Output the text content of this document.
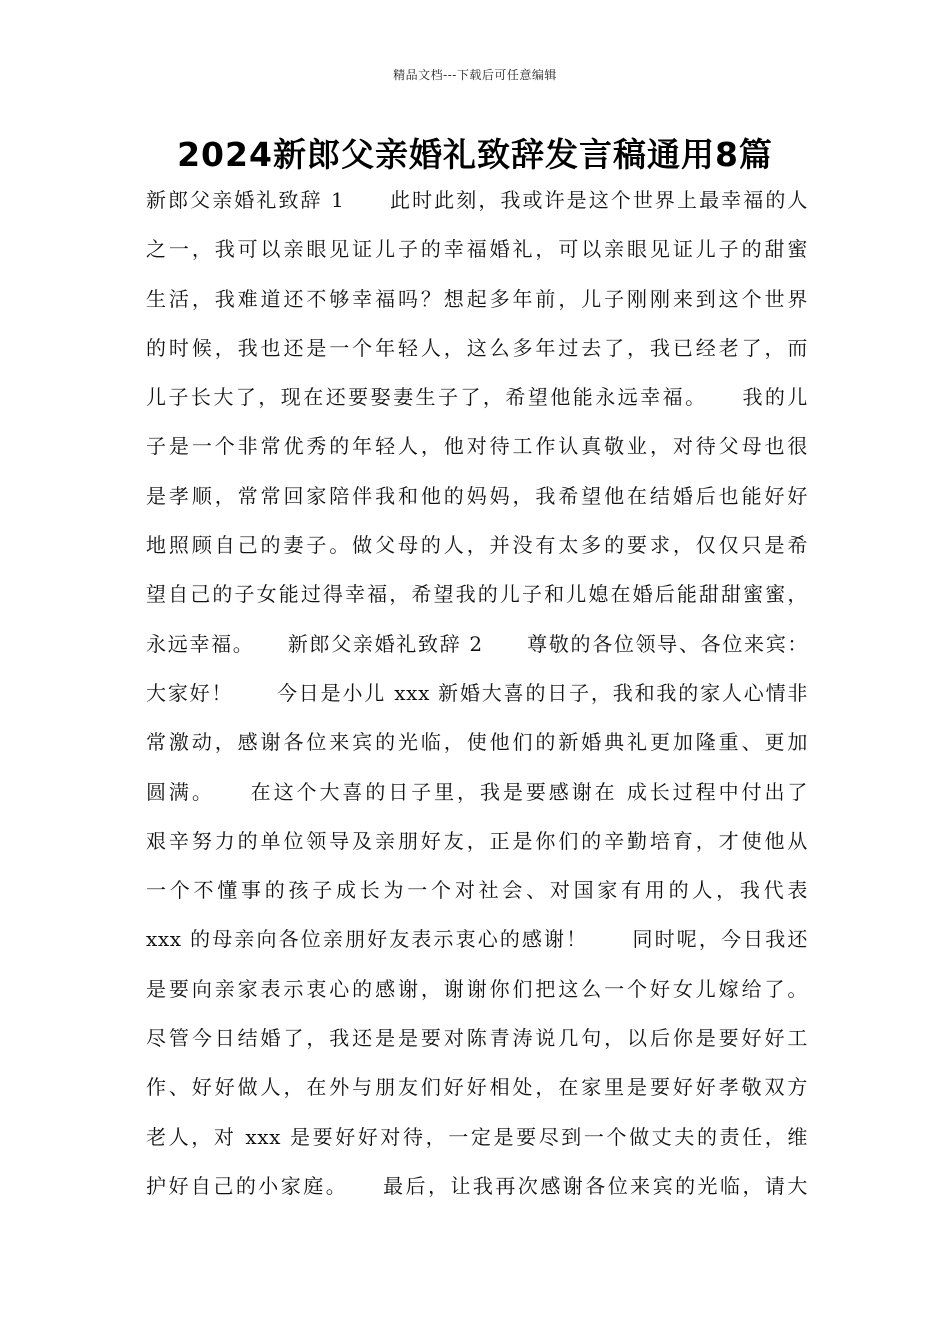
精品文档---下载后可任意编辑
2024新郎父亲婚礼致辞发言稿通用8篇
新郎父亲婚礼致辞 1　　此时此刻，我或许是这个世界上最幸福的人
之一，我可以亲眼见证儿子的幸福婚礼，可以亲眼见证儿子的甜蜜
生活，我难道还不够幸福吗？想起多年前，儿子刚刚来到这个世界
的时候，我也还是一个年轻人，这么多年过去了，我已经老了，而
儿子长大了，现在还要娶妻生子了，希望他能永远幸福。　　我的儿
子是一个非常优秀的年轻人，他对待工作认真敬业，对待父母也很
是孝顺，常常回家陪伴我和他的妈妈，我希望他在结婚后也能好好
地照顾自己的妻子。做父母的人，并没有太多的要求，仅仅只是希
望自己的子女能过得幸福，希望我的儿子和儿媳在婚后能甜甜蜜蜜，
永远幸福。　　新郎父亲婚礼致辞 2　　尊敬的各位领导、各位来宾：
大家好！　　今日是小儿 xxx 新婚大喜的日子，我和我的家人心情非
常激动，感谢各位来宾的光临，使他们的新婚典礼更加隆重、更加
圆满。　　在这个大喜的日子里，我是要感谢在 成长过程中付出了
艰辛努力的单位领导及亲朋好友，正是你们的辛勤培育，才使他从
一个不懂事的孩子成长为一个对社会、对国家有用的人，我代表
xxx 的母亲向各位亲朋好友表示衷心的感谢！　　同时呢，今日我还
是要向亲家表示衷心的感谢，谢谢你们把这么一个好女儿嫁给了。
尽管今日结婚了，我还是是要对陈青涛说几句，以后你是要好好工
作、好好做人，在外与朋友们好好相处，在家里是要好好孝敬双方
老人，对 xxx 是要好好对待，一定是要尽到一个做丈夫的责任，维
护好自己的小家庭。　　最后，让我再次感谢各位来宾的光临，请大
